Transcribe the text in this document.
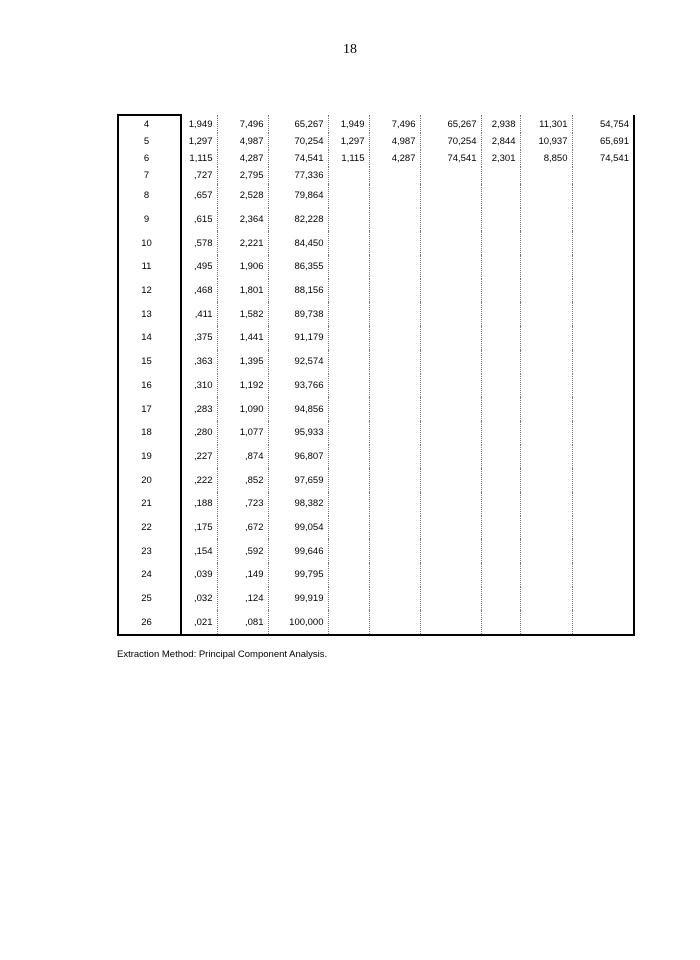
18
4	1,949	7,496	65,267	1,949	7,496	65,267	2,938	11,301	54,754
5	1,297	4,987	70,254	1,297	4,987	70,254	2,844	10,937	65,691
6	1,115	4,287	74,541	1,115	4,287	74,541	2,301	8,850	74,541
7	,727	2,795	77,336						
8	,657	2,528	79,864						
9	,615	2,364	82,228						
10	,578	2,221	84,450						
11	,495	1,906	86,355						
12	,468	1,801	88,156						
13	,411	1,582	89,738						
14	,375	1,441	91,179						
15	,363	1,395	92,574						
16	,310	1,192	93,766						
17	,283	1,090	94,856						
18	,280	1,077	95,933						
19	,227	,874	96,807						
20	,222	,852	97,659						
21	,188	,723	98,382						
22	,175	,672	99,054						
23	,154	,592	99,646						
24	,039	,149	99,795						
25	,032	,124	99,919						
26	,021	,081	100,000						
Extraction Method: Principal Component Analysis.
